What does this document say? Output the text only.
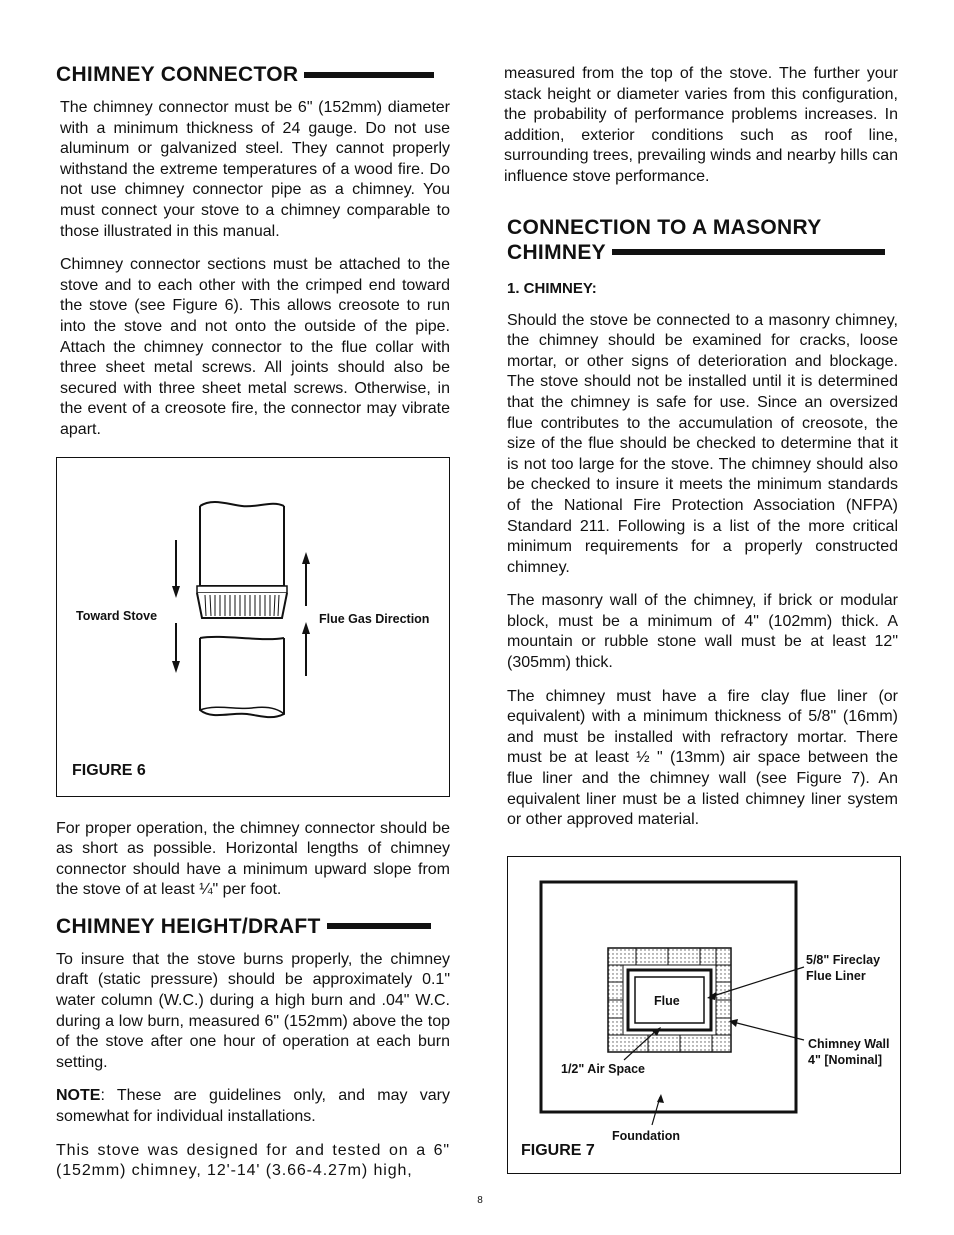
CHIMNEY CONNECTOR

The chimney connector must be 6" (152mm) diameter with a minimum thickness of 24 gauge. Do not use aluminum or galvanized steel. They cannot properly withstand the extreme temperatures of a wood fire. Do not use chimney connector pipe as a chimney. You must connect your stove to a chimney comparable to those illustrated in this manual.

Chimney connector sections must be attached to the stove and to each other with the crimped end toward the stove (see Figure 6). This allows creosote to run into the stove and not onto the outside of the pipe. Attach the chimney connector to the flue collar with three sheet metal screws. All joints should also be secured with three sheet metal screws. Otherwise, in the event of a creosote fire, the connector may vibrate apart.

Toward Stove	Flue Gas Direction
FIGURE 6

For proper operation, the chimney connector should be as short as possible. Horizontal lengths of chimney connector should have a minimum upward slope from the stove of at least ¼" per foot.

CHIMNEY HEIGHT/DRAFT

To insure that the stove burns properly, the chimney draft (static pressure) should be approximately 0.1" water column (W.C.) during a high burn and .04" W.C. during a low burn, measured 6" (152mm) above the top of the stove after one hour of operation at each burn setting.

NOTE: These are guidelines only, and may vary somewhat for individual installations.

This stove was designed for and tested on a 6" (152mm) chimney, 12'-14' (3.66-4.27m) high,

measured from the top of the stove. The further your stack height or diameter varies from this configuration, the probability of performance problems increases. In addition, exterior conditions such as roof line, surrounding trees, prevailing winds and nearby hills can influence stove performance.

CONNECTION TO A MASONRY
CHIMNEY
1. CHIMNEY:

Should the stove be connected to a masonry chimney, the chimney should be examined for cracks, loose mortar, or other signs of deterioration and blockage. The stove should not be installed until it is determined that the chimney is safe for use. Since an oversized flue contributes to the accumulation of creosote, the size of the flue should be checked to determine that it is not too large for the stove. The chimney should also be checked to insure it meets the minimum standards of the National Fire Protection Association (NFPA) Standard 211. Following is a list of the more critical minimum requirements for a properly constructed chimney.

The masonry wall of the chimney, if brick or modular block, must be a minimum of 4" (102mm) thick. A mountain or rubble stone wall must be at least 12" (305mm) thick.

The chimney must have a fire clay flue liner (or equivalent) with a minimum thickness of 5/8" (16mm) and must be installed with refractory mortar. There must be at least ½ " (13mm) air space between the flue liner and the chimney wall (see Figure 7). An equivalent liner must be a listed chimney liner system or other approved material.

Flue
5/8" Fireclay
Flue Liner
Chimney Wall
4" [Nominal]
1/2" Air Space
Foundation
FIGURE 7
8
